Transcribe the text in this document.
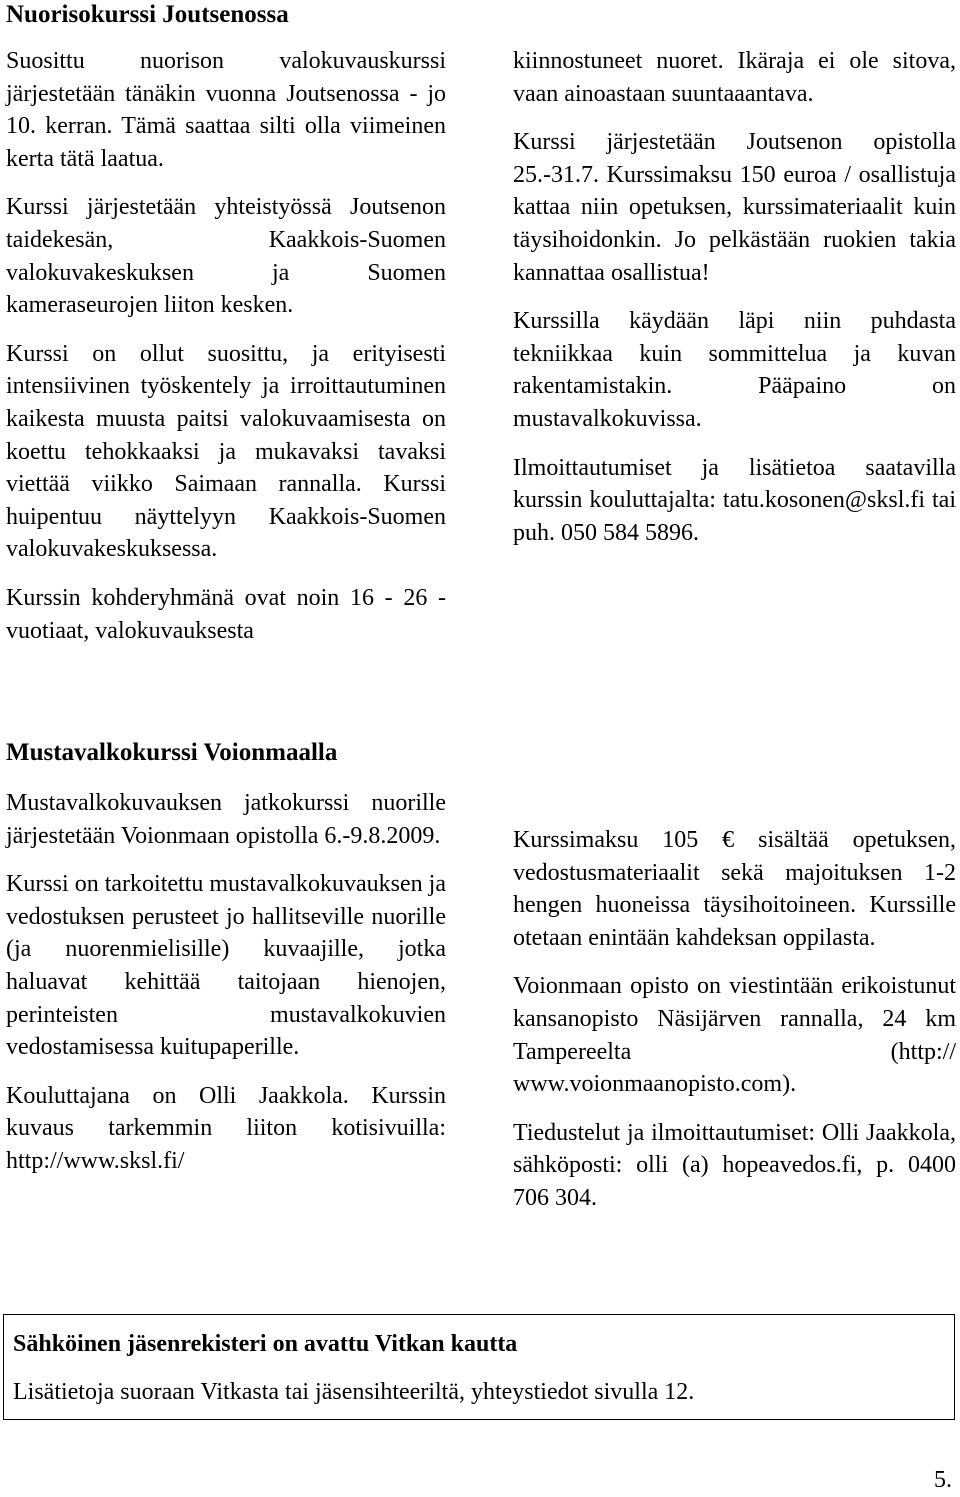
Nuorisokurssi Joutsenossa

Suosittu nuorison valokuvauskurssi järjestetään tänäkin vuonna Joutsenossa - jo 10. kerran. Tämä saattaa silti olla viimeinen kerta tätä laatua.

Kurssi järjestetään yhteistyössä Joutsenon taidekesän, Kaakkois-Suomen valokuvakeskuksen ja Suomen kameraseurojen liiton kesken.

Kurssi on ollut suosittu, ja erityisesti intensiivinen työskentely ja irroittautuminen kaikesta muusta paitsi valokuvaamisesta on koettu tehokkaaksi ja mukavaksi tavaksi viettää viikko Saimaan rannalla. Kurssi huipentuu näyttelyyn Kaakkois-Suomen valokuvakeskuksessa.

Kurssin kohderyhmänä ovat noin 16 - 26 -vuotiaat, valokuvauksesta

kiinnostuneet nuoret. Ikäraja ei ole sitova, vaan ainoastaan suuntaaantava.

Kurssi järjestetään Joutsenon opistolla 25.-31.7. Kurssimaksu 150 euroa / osallistuja kattaa niin opetuksen, kurssimateriaalit kuin täysihoidonkin. Jo pelkästään ruokien takia kannattaa osallistua!

Kurssilla käydään läpi niin puhdasta tekniikkaa kuin sommittelua ja kuvan rakentamistakin. Pääpaino on mustavalkokuvissa.

Ilmoittautumiset ja lisätietoa saatavilla kurssin kouluttajalta: tatu.kosonen@sksl.fi tai puh. 050 584 5896.

Mustavalkokurssi Voionmaalla

Mustavalkokuvauksen jatkokurssi nuorille järjestetään Voionmaan opistolla 6.-9.8.2009.

Kurssi on tarkoitettu mustavalkokuvauksen ja vedostuksen perusteet jo hallitseville nuorille (ja nuorenmielisille) kuvaajille, jotka haluavat kehittää taitojaan hienojen, perinteisten mustavalkokuvien vedostamisessa kuitupaperille.

Kouluttajana on Olli Jaakkola. Kurssin kuvaus tarkemmin liiton kotisivuilla: http://www.sksl.fi/

Kurssimaksu 105 € sisältää opetuksen, vedostusmateriaalit sekä majoituksen 1-2 hengen huoneissa täysihoitoineen. Kurssille otetaan enintään kahdeksan oppilasta.

Voionmaan opisto on viestintään erikoistunut kansanopisto Näsijärven rannalla, 24 km Tampereelta (http:// www.voionmaanopisto.com).

Tiedustelut ja ilmoittautumiset: Olli Jaakkola, sähköposti: olli (a) hopeavedos.fi, p. 0400 706 304.

Sähköinen jäsenrekisteri on avattu Vitkan kautta
Lisätietoja suoraan Vitkasta tai jäsensihteeriltä, yhteystiedot sivulla 12.
5.
